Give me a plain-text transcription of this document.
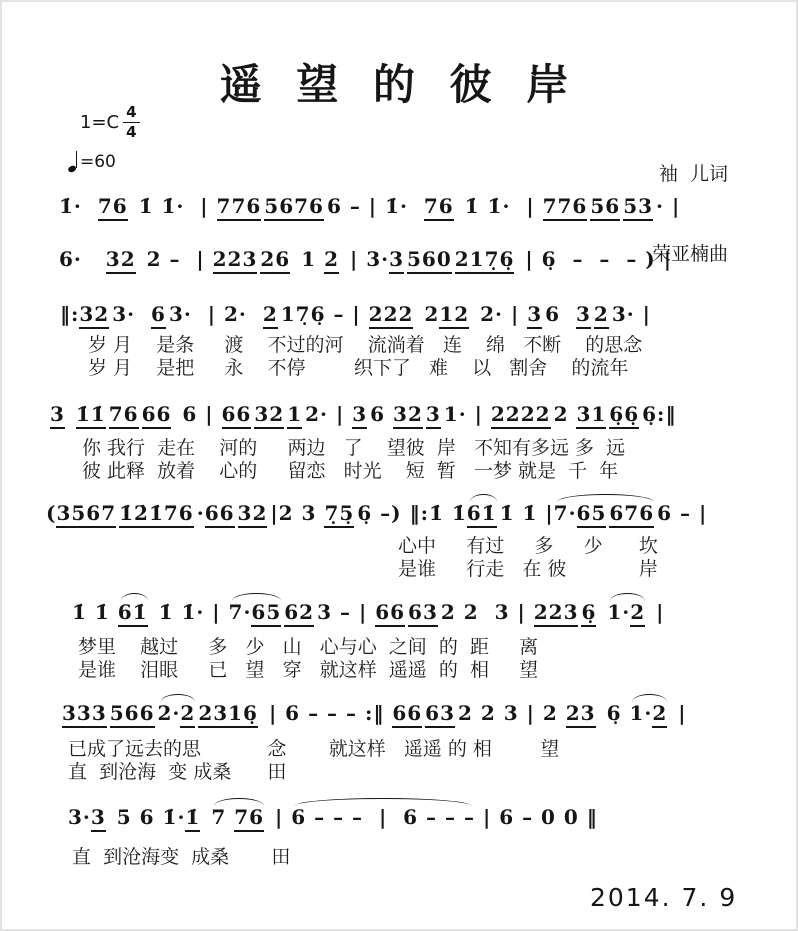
遥 望 的 彼 岸
$1=C \frac{4}{4}$
=60

袖  儿词

荣亚楠曲

1̇·  76 1̇ 1̇·  | 776 5676 6 – | 1̇·  76 1̇ 1̇·  | 776 56 53 · |
6·   32 2 –  | 223 26 1 2 | 3·3 560 217̣6̣ | 6̣  –  –  – ) |
‖:32 3·  6 3·  | 2·  2 17̣6̣ – | 222 212 2· | 3 6  3 2 3· |
岁 月    是条     渡    不过的河    流淌着   连    绵   不断    的思念
岁 月    是把     永    不停        织下了   难    以   割舍    的流年
3 1̇1̇ 76 66 6 | 66 32 1 2· | 3 6 32 3 1· | 2222 2 31 6̣6̣ 6̣:‖
你 我行  走在    河的     两边   了    望彼  岸   不知有多远 多  远
彼 此释  放着    心的     留恋   时光    短  暂   一梦 就是  千  年
(3567 1̇2̇1̇76 ·66 32 |2 3 7̣5̣ 6̣ –) ‖:1̇ 1̇61̇ 1̇ 1̇ |7·65 676 6 – |
心中     有过     多     少      坎
是谁     行走   在 彼            岸
1̇ 1̇ 61̇ 1̇ 1̇· | 7·65 62 3 – | 66 63 2 2  3 | 223 6̣ 1·2 |
梦里    越过     多   少   山   心与心  之间  的  距     离
是谁    泪眼     已   望   穿   就这样  遥遥  的  相     望
333 566 2·2 2316̣ | 6 – – – :‖ 66 63 2 2 3 | 2 23 6̣ 1·2 |
已成了远去的思           念       就这样   遥遥 的 相        望
直  到沧海  变 成桑      田
3·3 5 6 1̇·1̇ 7 76 | 6 – – –  |  6 – – – | 6 – 0 0 ‖
直  到沧海变  成桑       田
2014. 7. 9
